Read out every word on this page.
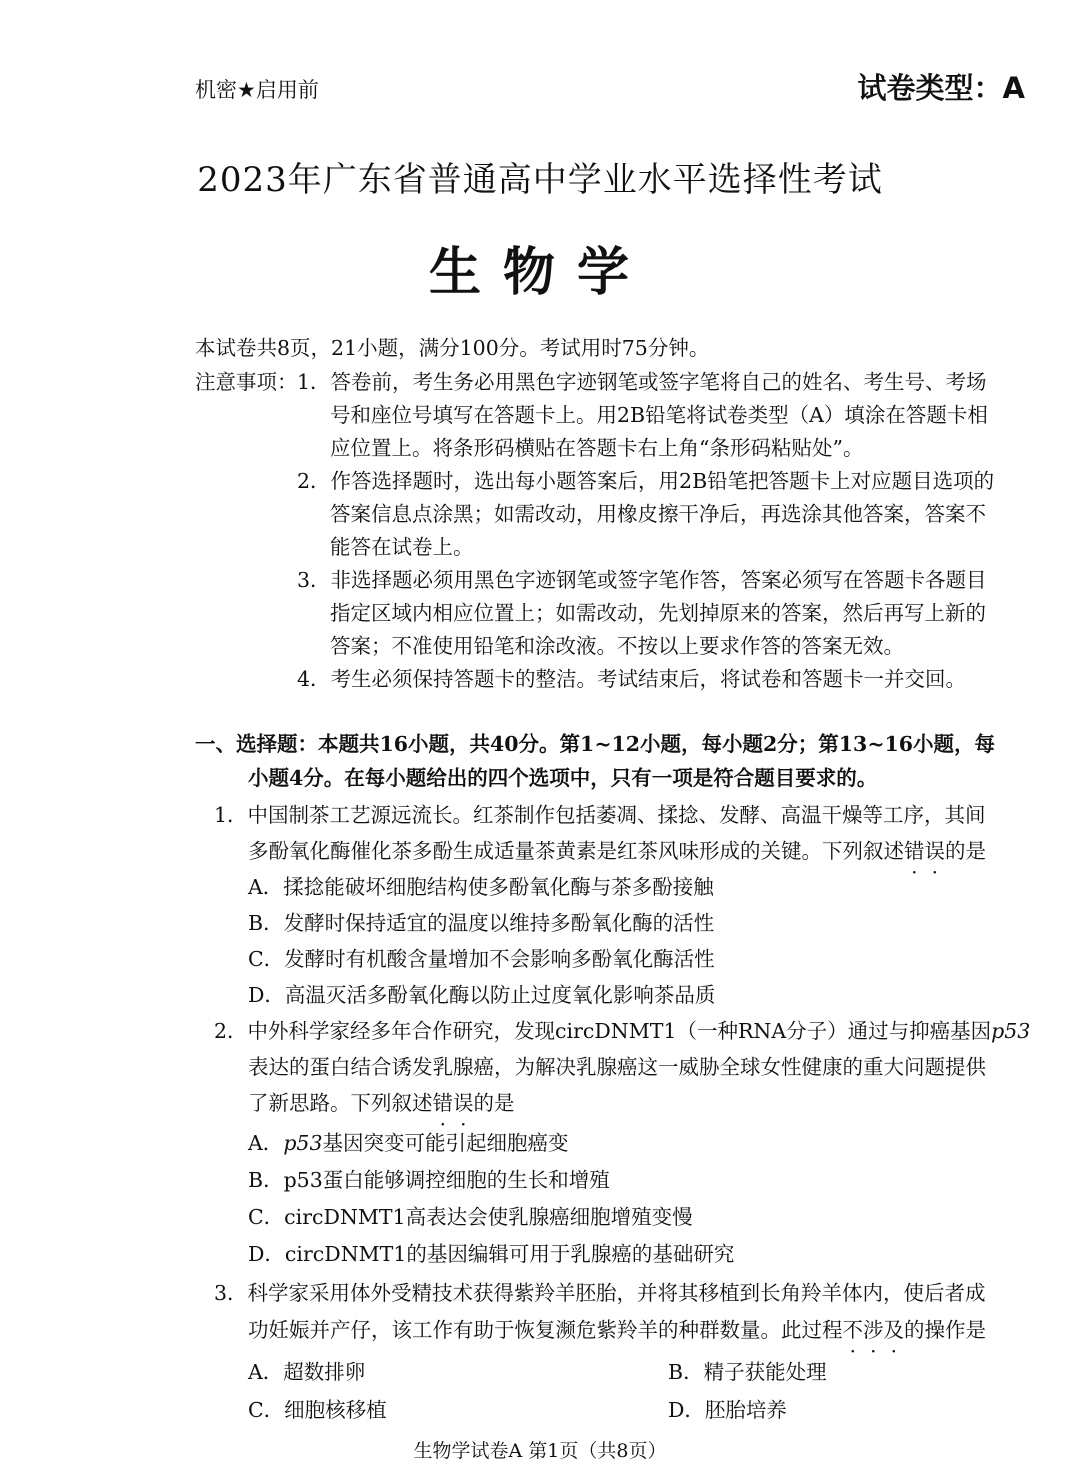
机密★启用前	试卷类型：A
2023年广东省普通高中学业水平选择性考试
生物学
本试卷共8页，21小题，满分100分。考试用时75分钟。
注意事项： 1．答卷前，考生务必用黑色字迹钢笔或签字笔将自己的姓名、考生号、考场
号和座位号填写在答题卡上。用2B铅笔将试卷类型（A）填涂在答题卡相
应位置上。将条形码横贴在答题卡右上角“条形码粘贴处”。
2．作答选择题时，选出每小题答案后，用2B铅笔把答题卡上对应题目选项的
答案信息点涂黑；如需改动，用橡皮擦干净后，再选涂其他答案，答案不
能答在试卷上。
3．非选择题必须用黑色字迹钢笔或签字笔作答，答案必须写在答题卡各题目
指定区域内相应位置上；如需改动，先划掉原来的答案，然后再写上新的
答案；不准使用铅笔和涂改液。不按以上要求作答的答案无效。
4．考生必须保持答题卡的整洁。考试结束后，将试卷和答题卡一并交回。
一、选择题：本题共16小题，共40分。第1~12小题，每小题2分；第13~16小题，每
小题4分。在每小题给出的四个选项中，只有一项是符合题目要求的。
1．中国制茶工艺源远流长。红茶制作包括萎凋、揉捻、发酵、高温干燥等工序，其间
多酚氧化酶催化茶多酚生成适量茶黄素是红茶风味形成的关键。下列叙述错误的是
A．揉捻能破坏细胞结构使多酚氧化酶与茶多酚接触
B．发酵时保持适宜的温度以维持多酚氧化酶的活性
C．发酵时有机酸含量增加不会影响多酚氧化酶活性
D．高温灭活多酚氧化酶以防止过度氧化影响茶品质
2．中外科学家经多年合作研究，发现circDNMT1（一种RNA分子）通过与抑癌基因p53
表达的蛋白结合诱发乳腺癌，为解决乳腺癌这一威胁全球女性健康的重大问题提供
了新思路。下列叙述错误的是
A．p53基因突变可能引起细胞癌变
B．p53蛋白能够调控细胞的生长和增殖
C．circDNMT1高表达会使乳腺癌细胞增殖变慢
D．circDNMT1的基因编辑可用于乳腺癌的基础研究
3．科学家采用体外受精技术获得紫羚羊胚胎，并将其移植到长角羚羊体内，使后者成
功妊娠并产仔，该工作有助于恢复濒危紫羚羊的种群数量。此过程不涉及的操作是
A．超数排卵	B．精子获能处理
C．细胞核移植	D．胚胎培养
生物学试卷A 第1页（共8页）
